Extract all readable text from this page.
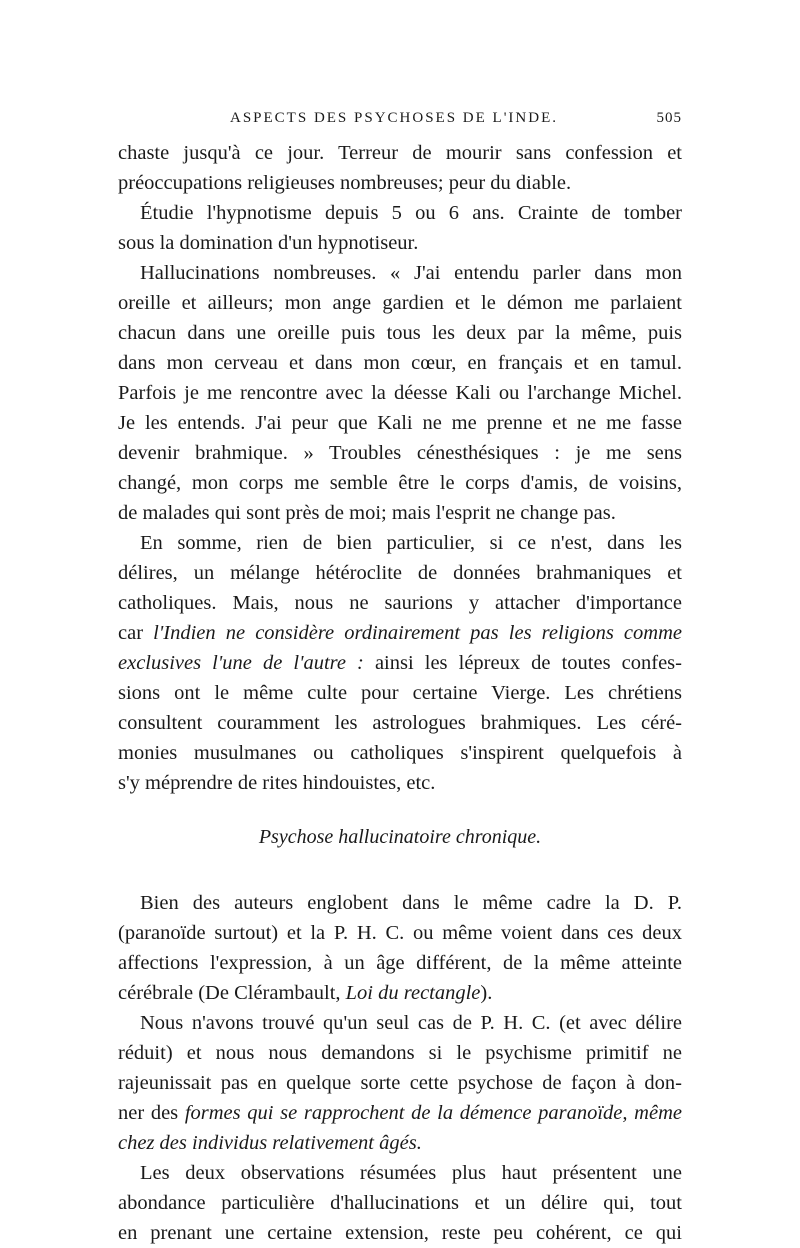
ASPECTS DES PSYCHOSES DE L'INDE.	505
chaste jusqu'à ce jour. Terreur de mourir sans confession et
préoccupations religieuses nombreuses; peur du diable.
Étudie l'hypnotisme depuis 5 ou 6 ans. Crainte de tomber
sous la domination d'un hypnotiseur.
Hallucinations nombreuses. « J'ai entendu parler dans mon
oreille et ailleurs; mon ange gardien et le démon me parlaient
chacun dans une oreille puis tous les deux par la même, puis
dans mon cerveau et dans mon cœur, en français et en tamul.
Parfois je me rencontre avec la déesse Kali ou l'archange Michel.
Je les entends. J'ai peur que Kali ne me prenne et ne me fasse
devenir brahmique. » Troubles cénesthésiques : je me sens
changé, mon corps me semble être le corps d'amis, de voisins,
de malades qui sont près de moi; mais l'esprit ne change pas.
En somme, rien de bien particulier, si ce n'est, dans les
délires, un mélange hétéroclite de données brahmaniques et
catholiques. Mais, nous ne saurions y attacher d'importance
car l'Indien ne considère ordinairement pas les religions comme
exclusives l'une de l'autre : ainsi les lépreux de toutes confes-
sions ont le même culte pour certaine Vierge. Les chrétiens
consultent couramment les astrologues brahmiques. Les céré-
monies musulmanes ou catholiques s'inspirent quelquefois à
s'y méprendre de rites hindouistes, etc.
Psychose hallucinatoire chronique.
Bien des auteurs englobent dans le même cadre la D. P.
(paranoïde surtout) et la P. H. C. ou même voient dans ces deux
affections l'expression, à un âge différent, de la même atteinte
cérébrale (De Clérambault, Loi du rectangle).
Nous n'avons trouvé qu'un seul cas de P. H. C. (et avec délire
réduit) et nous nous demandons si le psychisme primitif ne
rajeunissait pas en quelque sorte cette psychose de façon à don-
ner des formes qui se rapprochent de la démence paranoïde, même
chez des individus relativement âgés.
Les deux observations résumées plus haut présentent une
abondance particulière d'hallucinations et un délire qui, tout
en prenant une certaine extension, reste peu cohérent, ce qui
